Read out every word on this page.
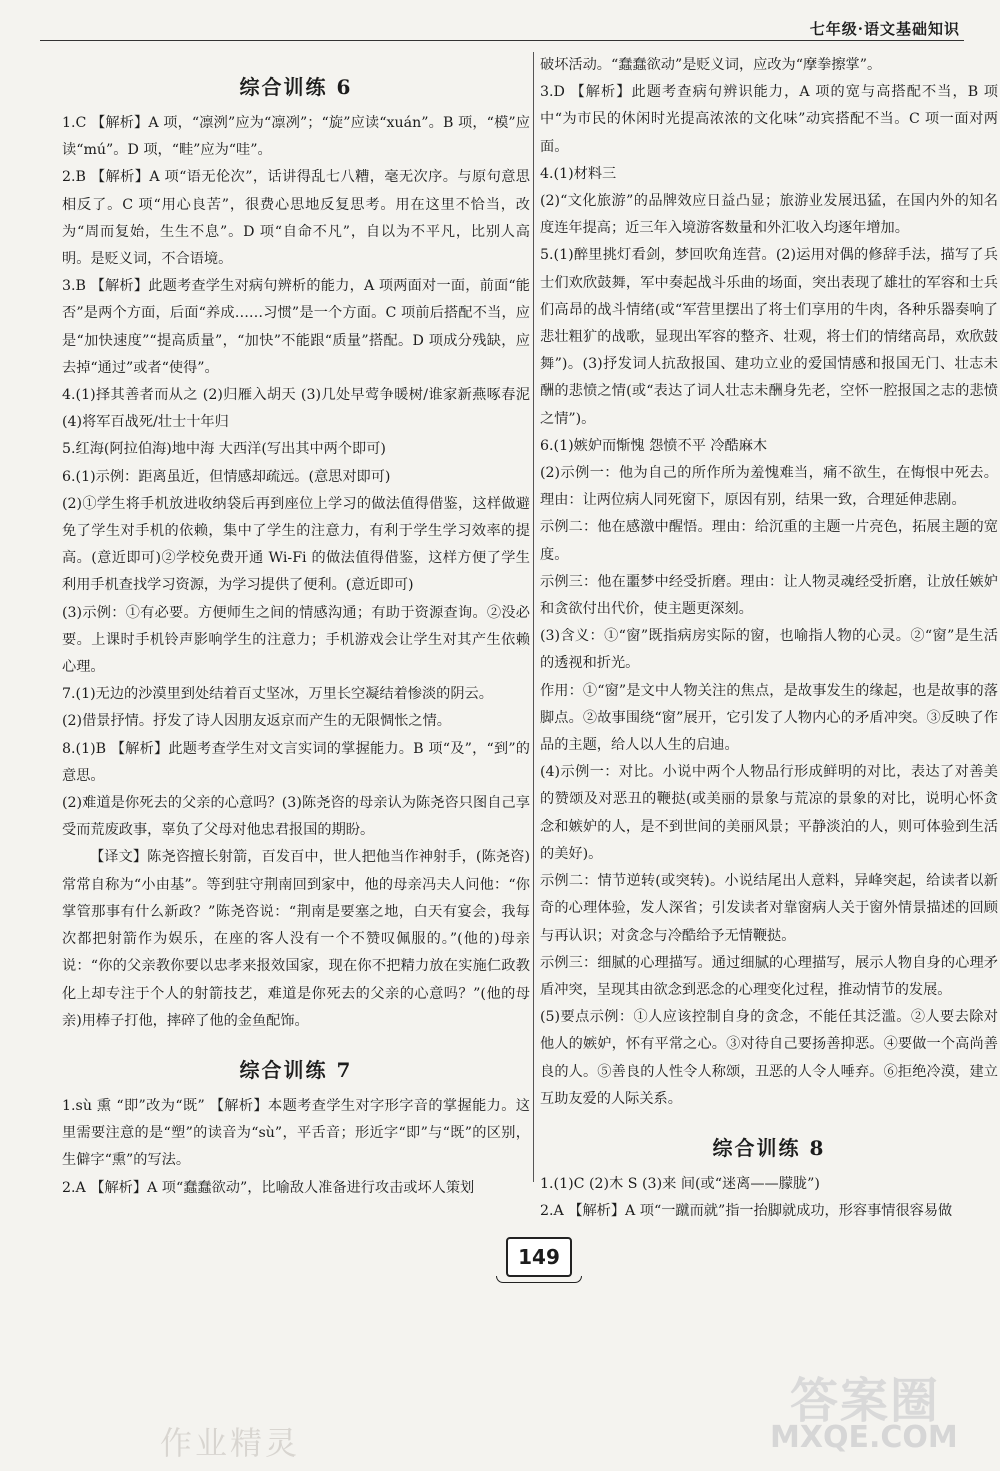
七年级·语文基础知识
综合训练 6
1.C 【解析】A 项，“凛洌”应为“凛冽”；“旋”应读“xuán”。B 项，“模”应读“mú”。D 项，“畦”应为“哇”。
2.B 【解析】A 项“语无伦次”，话讲得乱七八糟，毫无次序。与原句意思相反了。C 项“用心良苦”，很费心思地反复思考。用在这里不恰当，改为“周而复始，生生不息”。D 项“自命不凡”，自以为不平凡，比别人高明。是贬义词，不合语境。
3.B 【解析】此题考查学生对病句辨析的能力，A 项两面对一面，前面“能否”是两个方面，后面“养成……习惯”是一个方面。C 项前后搭配不当，应是“加快速度”“提高质量”，“加快”不能跟“质量”搭配。D 项成分残缺，应去掉“通过”或者“使得”。
4.(1)择其善者而从之 (2)归雁入胡天 (3)几处早莺争暖树/谁家新燕啄春泥 (4)将军百战死/壮士十年归
5.红海(阿拉伯海)地中海 大西洋(写出其中两个即可)
6.(1)示例：距离虽近，但情感却疏远。(意思对即可)
(2)①学生将手机放进收纳袋后再到座位上学习的做法值得借鉴，这样做避免了学生对手机的依赖，集中了学生的注意力，有利于学生学习效率的提高。(意近即可)②学校免费开通 Wi-Fi 的做法值得借鉴，这样方便了学生利用手机查找学习资源，为学习提供了便利。(意近即可)
(3)示例：①有必要。方便师生之间的情感沟通；有助于资源查询。②没必要。上课时手机铃声影响学生的注意力；手机游戏会让学生对其产生依赖心理。
7.(1)无边的沙漠里到处结着百丈坚冰，万里长空凝结着惨淡的阴云。
(2)借景抒情。抒发了诗人因朋友返京而产生的无限惆怅之情。
8.(1)B 【解析】此题考查学生对文言实词的掌握能力。B 项“及”，“到”的意思。
(2)难道是你死去的父亲的心意吗？(3)陈尧咨的母亲认为陈尧咨只图自己享受而荒废政事，辜负了父母对他忠君报国的期盼。
【译文】陈尧咨擅长射箭，百发百中，世人把他当作神射手，(陈尧咨)常常自称为“小由基”。等到驻守荆南回到家中，他的母亲冯夫人问他：“你掌管那事有什么新政？”陈尧咨说：“荆南是要塞之地，白天有宴会，我每次都把射箭作为娱乐，在座的客人没有一个不赞叹佩服的。”(他的)母亲说：“你的父亲教你要以忠孝来报效国家，现在你不把精力放在实施仁政教化上却专注于个人的射箭技艺，难道是你死去的父亲的心意吗？”(他的母亲)用棒子打他，摔碎了他的金鱼配饰。
综合训练 7
1.sù 熏 “即”改为“既” 【解析】本题考查学生对字形字音的掌握能力。这里需要注意的是“塑”的读音为“sù”，平舌音；形近字“即”与“既”的区别，生僻字“熏”的写法。
2.A 【解析】A 项“蠢蠢欲动”，比喻敌人准备进行攻击或坏人策划
破坏活动。“蠢蠢欲动”是贬义词，应改为“摩拳擦掌”。
3.D 【解析】此题考查病句辨识能力，A 项的宽与高搭配不当，B 项中“为市民的休闲时光提高浓浓的文化味”动宾搭配不当。C 项一面对两面。
4.(1)材料三
(2)“文化旅游”的品牌效应日益凸显；旅游业发展迅猛，在国内外的知名度连年提高；近三年入境游客数量和外汇收入均逐年增加。
5.(1)醉里挑灯看剑，梦回吹角连营。(2)运用对偶的修辞手法，描写了兵士们欢欣鼓舞，军中奏起战斗乐曲的场面，突出表现了雄壮的军容和士兵们高昂的战斗情绪(或“军营里摆出了将士们享用的牛肉，各种乐器奏响了悲壮粗犷的战歌，显现出军容的整齐、壮观，将士们的情绪高昂，欢欣鼓舞”)。(3)抒发词人抗敌报国、建功立业的爱国情感和报国无门、壮志未酬的悲愤之情(或“表达了词人壮志未酬身先老，空怀一腔报国之志的悲愤之情”)。
6.(1)嫉妒而惭愧 怨愤不平 冷酷麻木
(2)示例一：他为自己的所作所为羞愧难当，痛不欲生，在悔恨中死去。理由：让两位病人同死窗下，原因有别，结果一致，合理延伸悲剧。
示例二：他在感激中醒悟。理由：给沉重的主题一片亮色，拓展主题的宽度。
示例三：他在噩梦中经受折磨。理由：让人物灵魂经受折磨，让放任嫉妒和贪欲付出代价，使主题更深刻。
(3)含义：①“窗”既指病房实际的窗，也喻指人物的心灵。②“窗”是生活的透视和折光。
作用：①“窗”是文中人物关注的焦点，是故事发生的缘起，也是故事的落脚点。②故事围绕“窗”展开，它引发了人物内心的矛盾冲突。③反映了作品的主题，给人以人生的启迪。
(4)示例一：对比。小说中两个人物品行形成鲜明的对比，表达了对善美的赞颂及对恶丑的鞭挞(或美丽的景象与荒凉的景象的对比，说明心怀贪念和嫉妒的人，是不到世间的美丽风景；平静淡泊的人，则可体验到生活的美好)。
示例二：情节逆转(或突转)。小说结尾出人意料，异峰突起，给读者以新奇的心理体验，发人深省；引发读者对靠窗病人关于窗外情景描述的回顾与再认识；对贪念与冷酷给予无情鞭挞。
示例三：细腻的心理描写。通过细腻的心理描写，展示人物自身的心理矛盾冲突，呈现其由欲念到恶念的心理变化过程，推动情节的发展。
(5)要点示例：①人应该控制自身的贪念，不能任其泛滥。②人要去除对他人的嫉妒，怀有平常之心。③对待自己要扬善抑恶。④要做一个高尚善良的人。⑤善良的人性令人称颂，丑恶的人令人唾弃。⑥拒绝冷漠，建立互助友爱的人际关系。
综合训练 8
1.(1)C (2)木 S (3)来 间(或“迷离——朦胧”)
2.A 【解析】A 项“一蹴而就”指一抬脚就成功，形容事情很容易做
149
作业精灵
答案圈
MXQE.COM
